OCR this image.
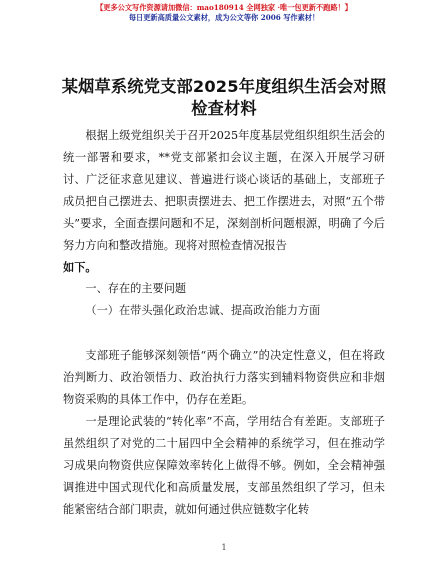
【更多公文写作资源请加微信：mao180914 全网独家 ·唯一包更新不跑路！】
每日更新高质量公文素材，成为公文等你 2006 写作素材！
某烟草系统党支部2025年度组织生活会对照检查材料

根据上级党组织关于召开2025年度基层党组织组织生活会的统一部署和要求，**党支部紧扣会议主题，在深入开展学习研讨、广泛征求意见建议、普遍进行谈心谈话的基础上，支部班子成员把自己摆进去、把职责摆进去、把工作摆进去，对照“五个带头”要求，全面查摆问题和不足，深刻剖析问题根源，明确了今后努力方向和整改措施。现将对照检查情况报告

如下。

一、存在的主要问题

（一）在带头强化政治忠诚、提高政治能力方面

支部班子能够深刻领悟“两个确立”的决定性意义，但在将政治判断力、政治领悟力、政治执行力落实到辅料物资供应和非烟物资采购的具体工作中，仍存在差距。

一是理论武装的“转化率”不高，学用结合有差距。支部班子虽然组织了对党的二十届四中全会精神的系统学习，但在推动学习成果向物资供应保障效率转化上做得不够。例如，全会精神强调推进中国式现代化和高质量发展，支部虽然组织了学习，但未能紧密结合部门职责，就如何通过供应链数字化转

1
